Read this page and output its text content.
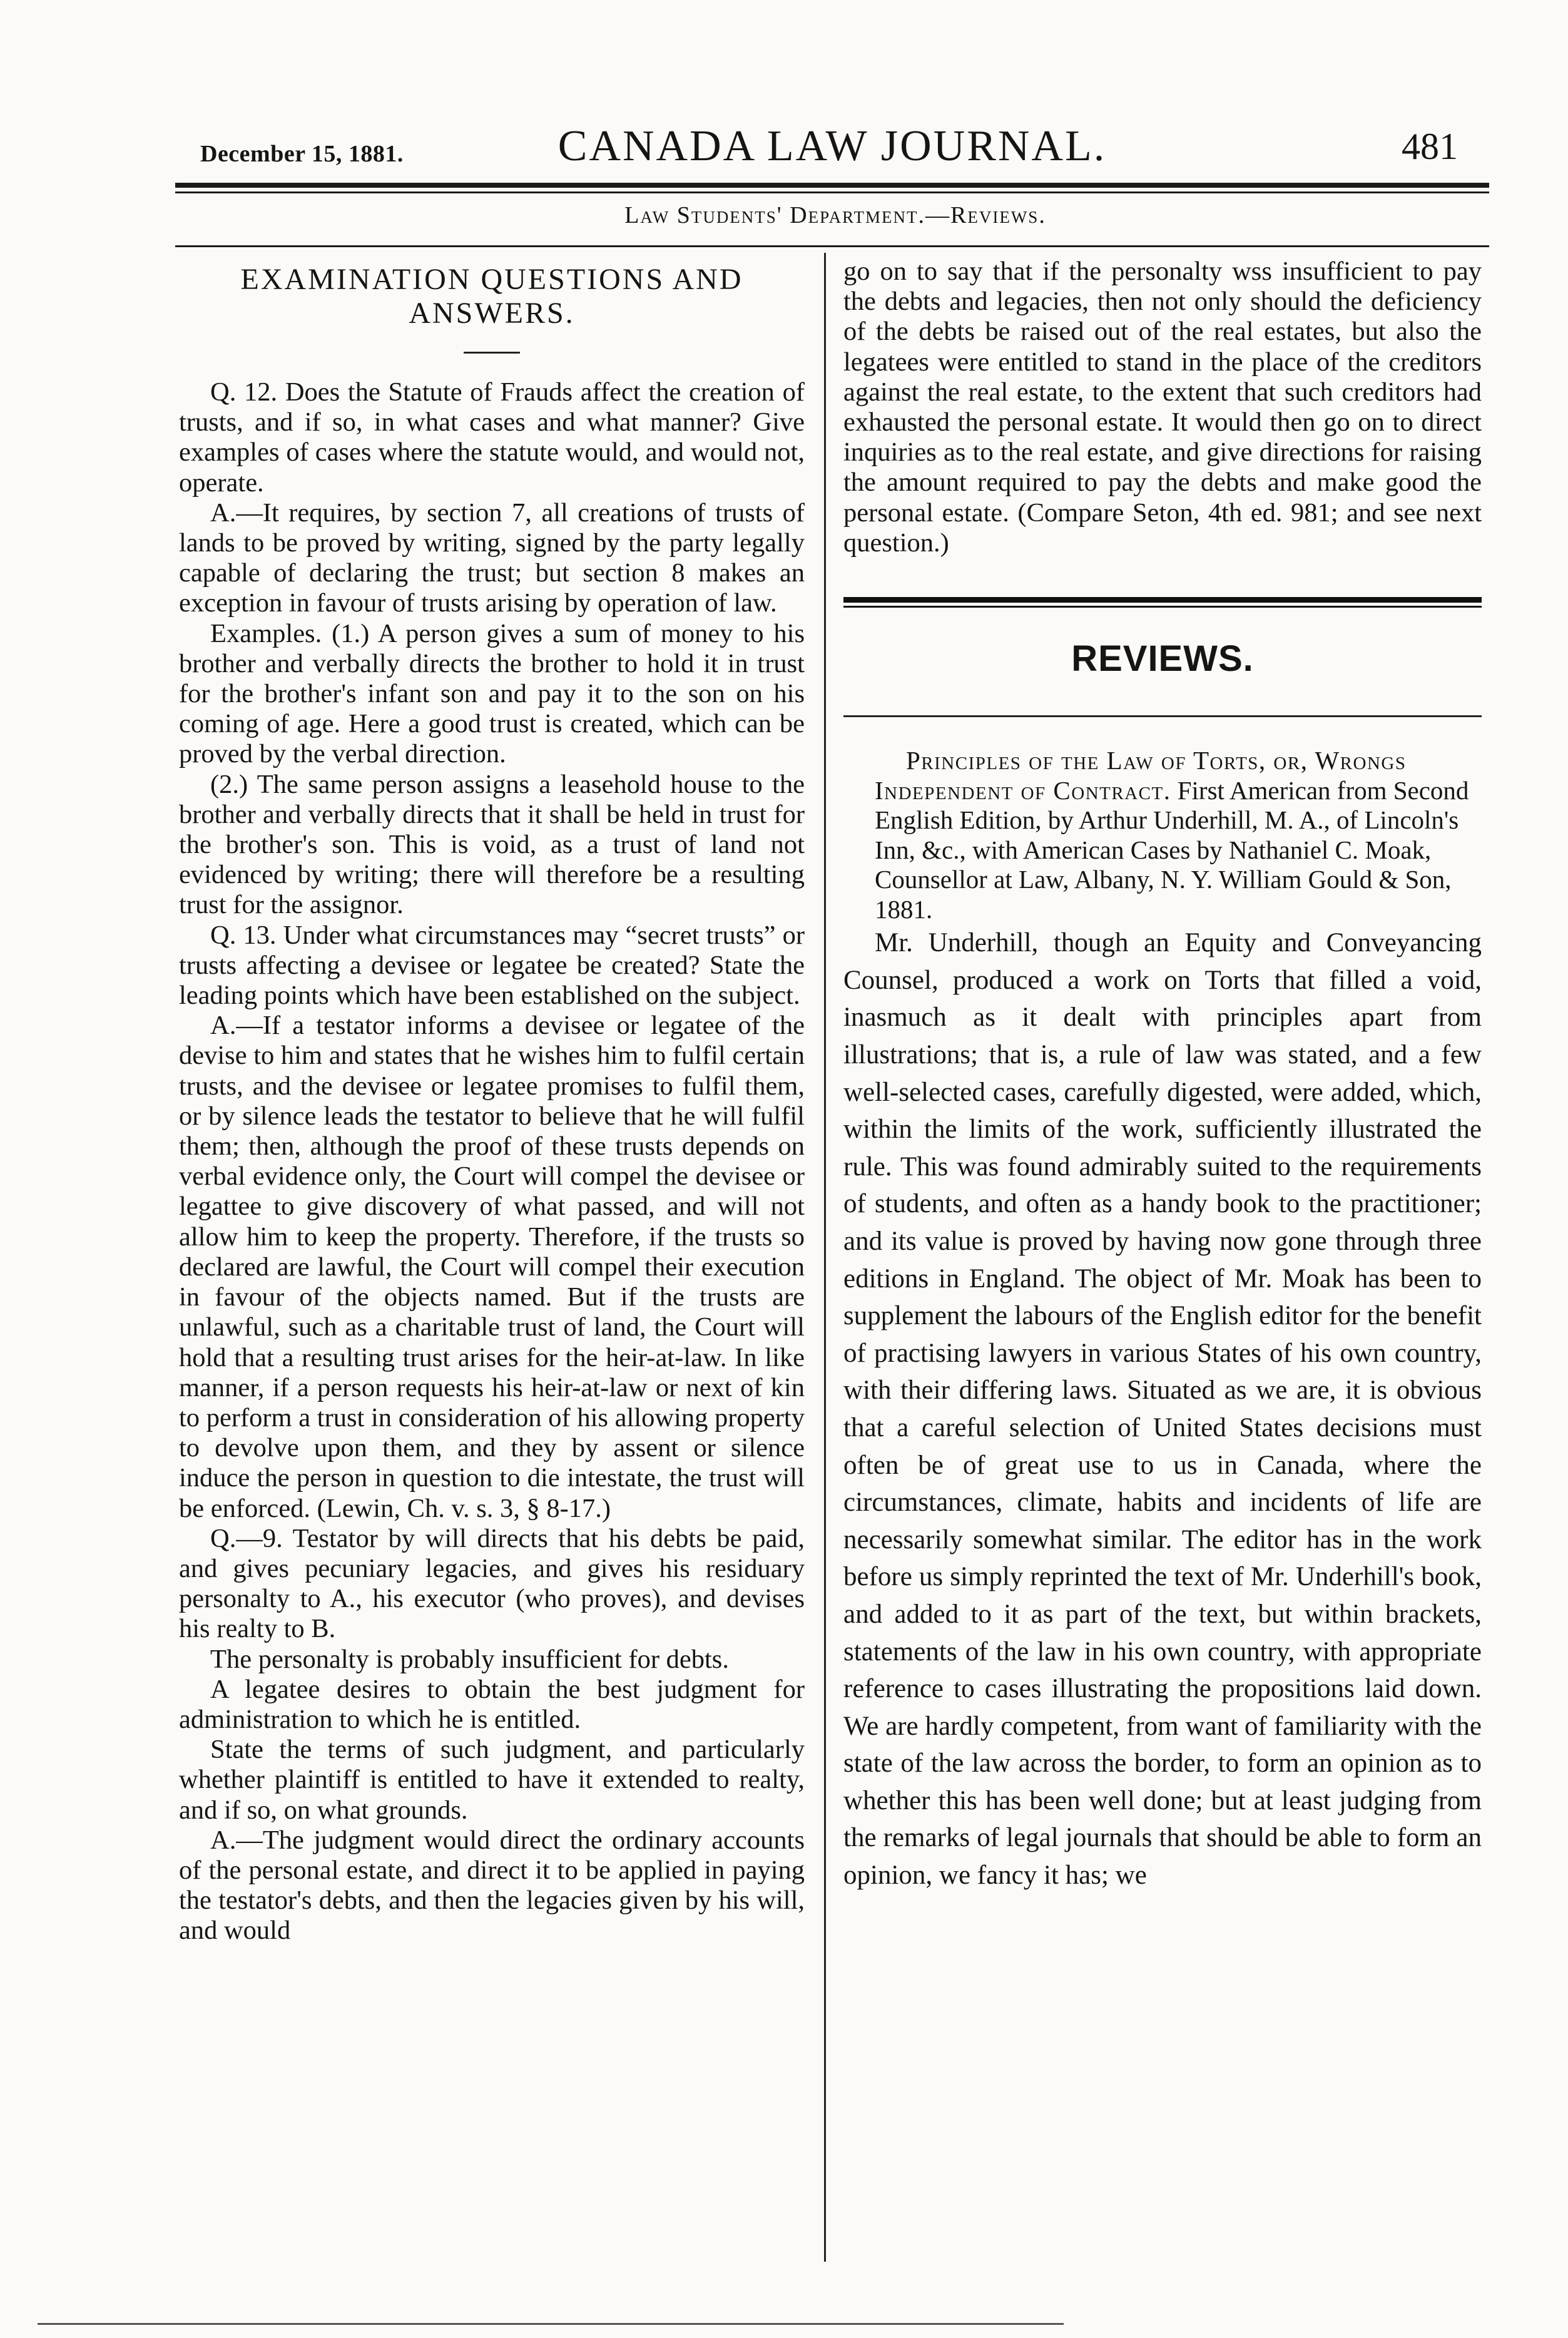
December 15, 1881.	CANADA LAW JOURNAL.	481
Law Students' Department.—Reviews.
EXAMINATION QUESTIONS AND
ANSWERS.

Q. 12. Does the Statute of Frauds affect the creation of trusts, and if so, in what cases and what manner? Give examples of cases where the statute would, and would not, operate.

A.—It requires, by section 7, all creations of trusts of lands to be proved by writing, signed by the party legally capable of declaring the trust; but section 8 makes an exception in favour of trusts arising by operation of law.

Examples. (1.) A person gives a sum of money to his brother and verbally directs the brother to hold it in trust for the brother's infant son and pay it to the son on his coming of age. Here a good trust is created, which can be proved by the verbal direction.

(2.) The same person assigns a leasehold house to the brother and verbally directs that it shall be held in trust for the brother's son. This is void, as a trust of land not evidenced by writing; there will therefore be a resulting trust for the assignor.

Q. 13. Under what circumstances may “secret trusts” or trusts affecting a devisee or legatee be created? State the leading points which have been established on the subject.

A.—If a testator informs a devisee or legatee of the devise to him and states that he wishes him to fulfil certain trusts, and the devisee or legatee promises to fulfil them, or by silence leads the testator to believe that he will fulfil them; then, although the proof of these trusts depends on verbal evidence only, the Court will compel the devisee or legattee to give discovery of what passed, and will not allow him to keep the property. Therefore, if the trusts so declared are lawful, the Court will compel their execution in favour of the objects named. But if the trusts are unlawful, such as a charitable trust of land, the Court will hold that a resulting trust arises for the heir-at-law. In like manner, if a person requests his heir-at-law or next of kin to perform a trust in consideration of his allowing property to devolve upon them, and they by assent or silence induce the person in question to die intestate, the trust will be enforced. (Lewin, Ch. v. s. 3, § 8-17.)

Q.—9. Testator by will directs that his debts be paid, and gives pecuniary legacies, and gives his residuary personalty to A., his executor (who proves), and devises his realty to B.

The personalty is probably insufficient for debts.

A legatee desires to obtain the best judgment for administration to which he is entitled.

State the terms of such judgment, and particularly whether plaintiff is entitled to have it extended to realty, and if so, on what grounds.

A.—The judgment would direct the ordinary accounts of the personal estate, and direct it to be applied in paying the testator's debts, and then the legacies given by his will, and would

go on to say that if the personalty wss insufficient to pay the debts and legacies, then not only should the deficiency of the debts be raised out of the real estates, but also the legatees were entitled to stand in the place of the creditors against the real estate, to the extent that such creditors had exhausted the personal estate. It would then go on to direct inquiries as to the real estate, and give directions for raising the amount required to pay the debts and make good the personal estate. (Compare Seton, 4th ed. 981; and see next question.)

REVIEWS.

Principles of the Law of Torts, or, Wrongs Independent of Contract. First American from Second English Edition, by Arthur Underhill, M. A., of Lincoln's Inn, &c., with American Cases by Nathaniel C. Moak, Counsellor at Law, Albany, N. Y. William Gould & Son, 1881.

Mr. Underhill, though an Equity and Conveyancing Counsel, produced a work on Torts that filled a void, inasmuch as it dealt with principles apart from illustrations; that is, a rule of law was stated, and a few well-selected cases, carefully digested, were added, which, within the limits of the work, sufficiently illustrated the rule. This was found admirably suited to the requirements of students, and often as a handy book to the practitioner; and its value is proved by having now gone through three editions in England. The object of Mr. Moak has been to supplement the labours of the English editor for the benefit of practising lawyers in various States of his own country, with their differing laws. Situated as we are, it is obvious that a careful selection of United States decisions must often be of great use to us in Canada, where the circumstances, climate, habits and incidents of life are necessarily somewhat similar. The editor has in the work before us simply reprinted the text of Mr. Underhill's book, and added to it as part of the text, but within brackets, statements of the law in his own country, with appropriate reference to cases illustrating the propositions laid down. We are hardly competent, from want of familiarity with the state of the law across the border, to form an opinion as to whether this has been well done; but at least judging from the remarks of legal journals that should be able to form an opinion, we fancy it has; we
